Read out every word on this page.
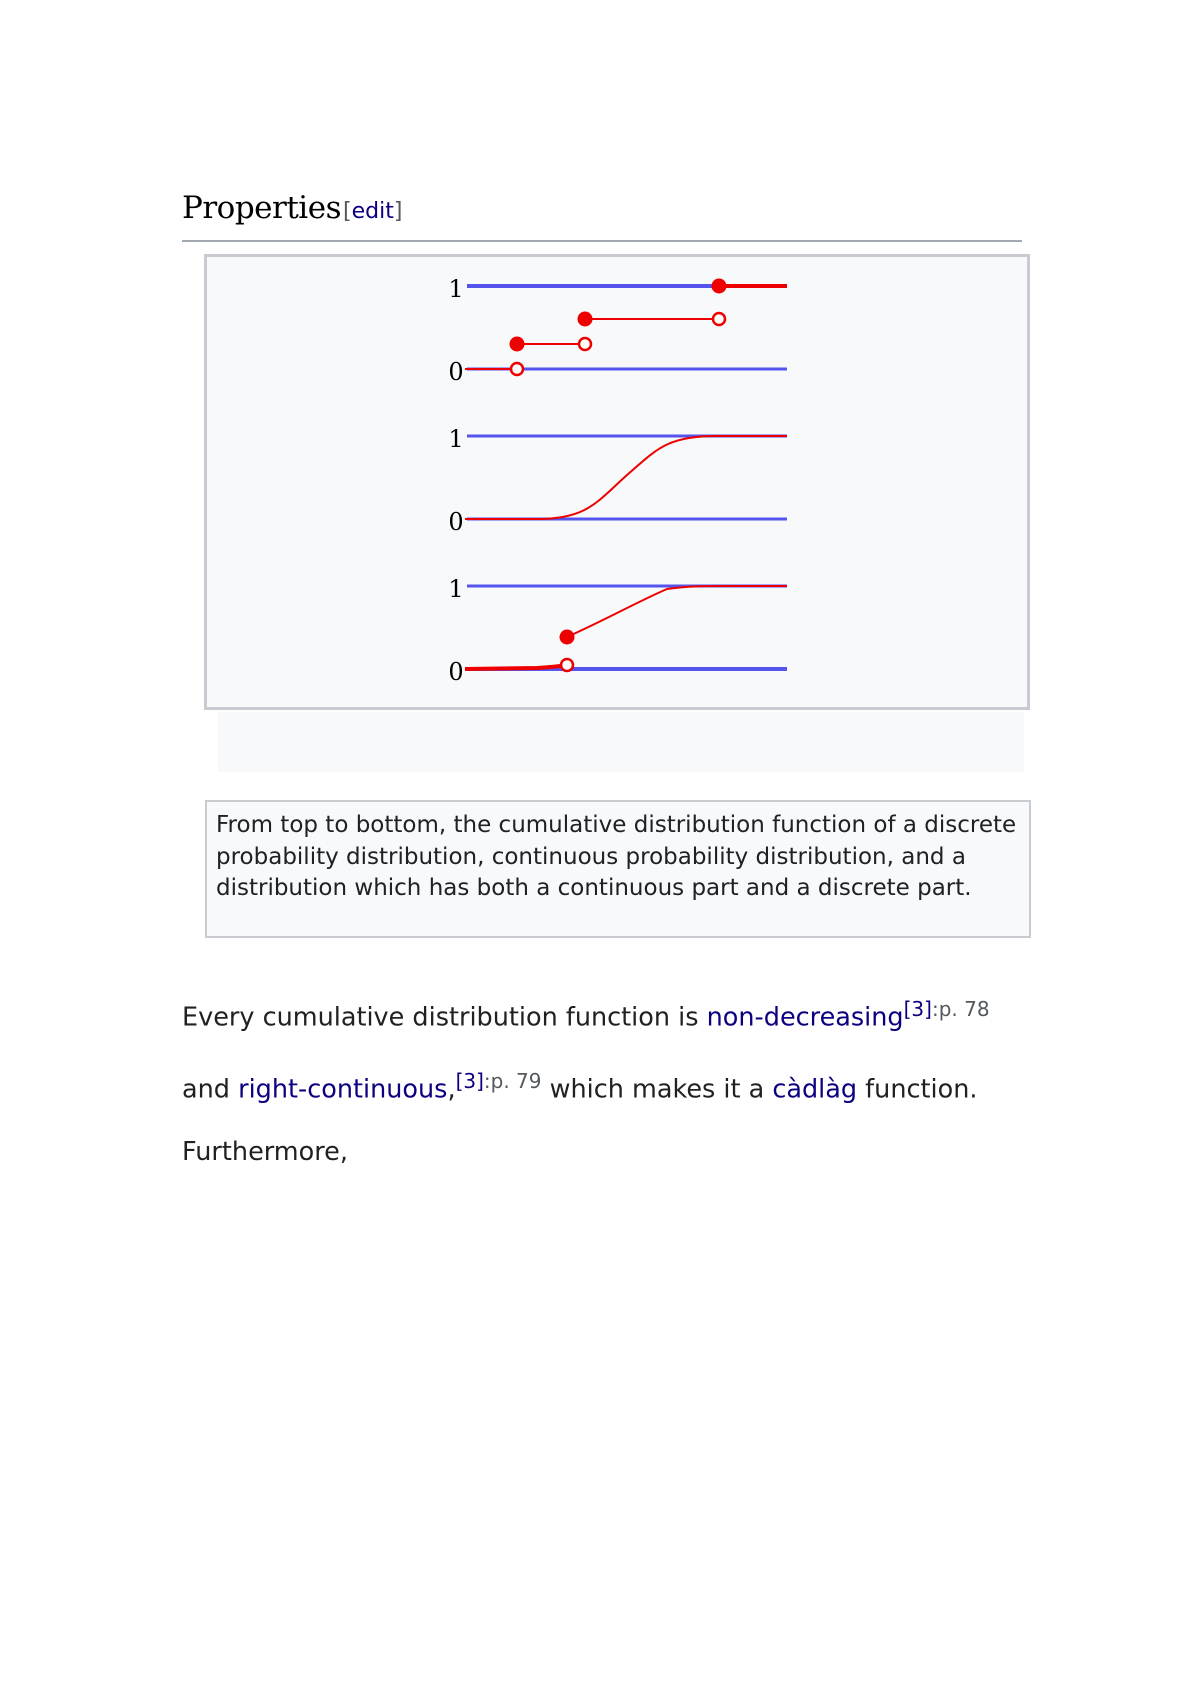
Properties[edit]
1
0
1
0
1
0
From top to bottom, the cumulative distribution function of a discrete probability distribution, continuous probability distribution, and a distribution which has both a continuous part and a discrete part.
Every cumulative distribution function is non-decreasing$^{[3]:p. 78}$ and right-continuous,$^{[3]:p. 79}$ which makes it a càdlàg function. Furthermore,
